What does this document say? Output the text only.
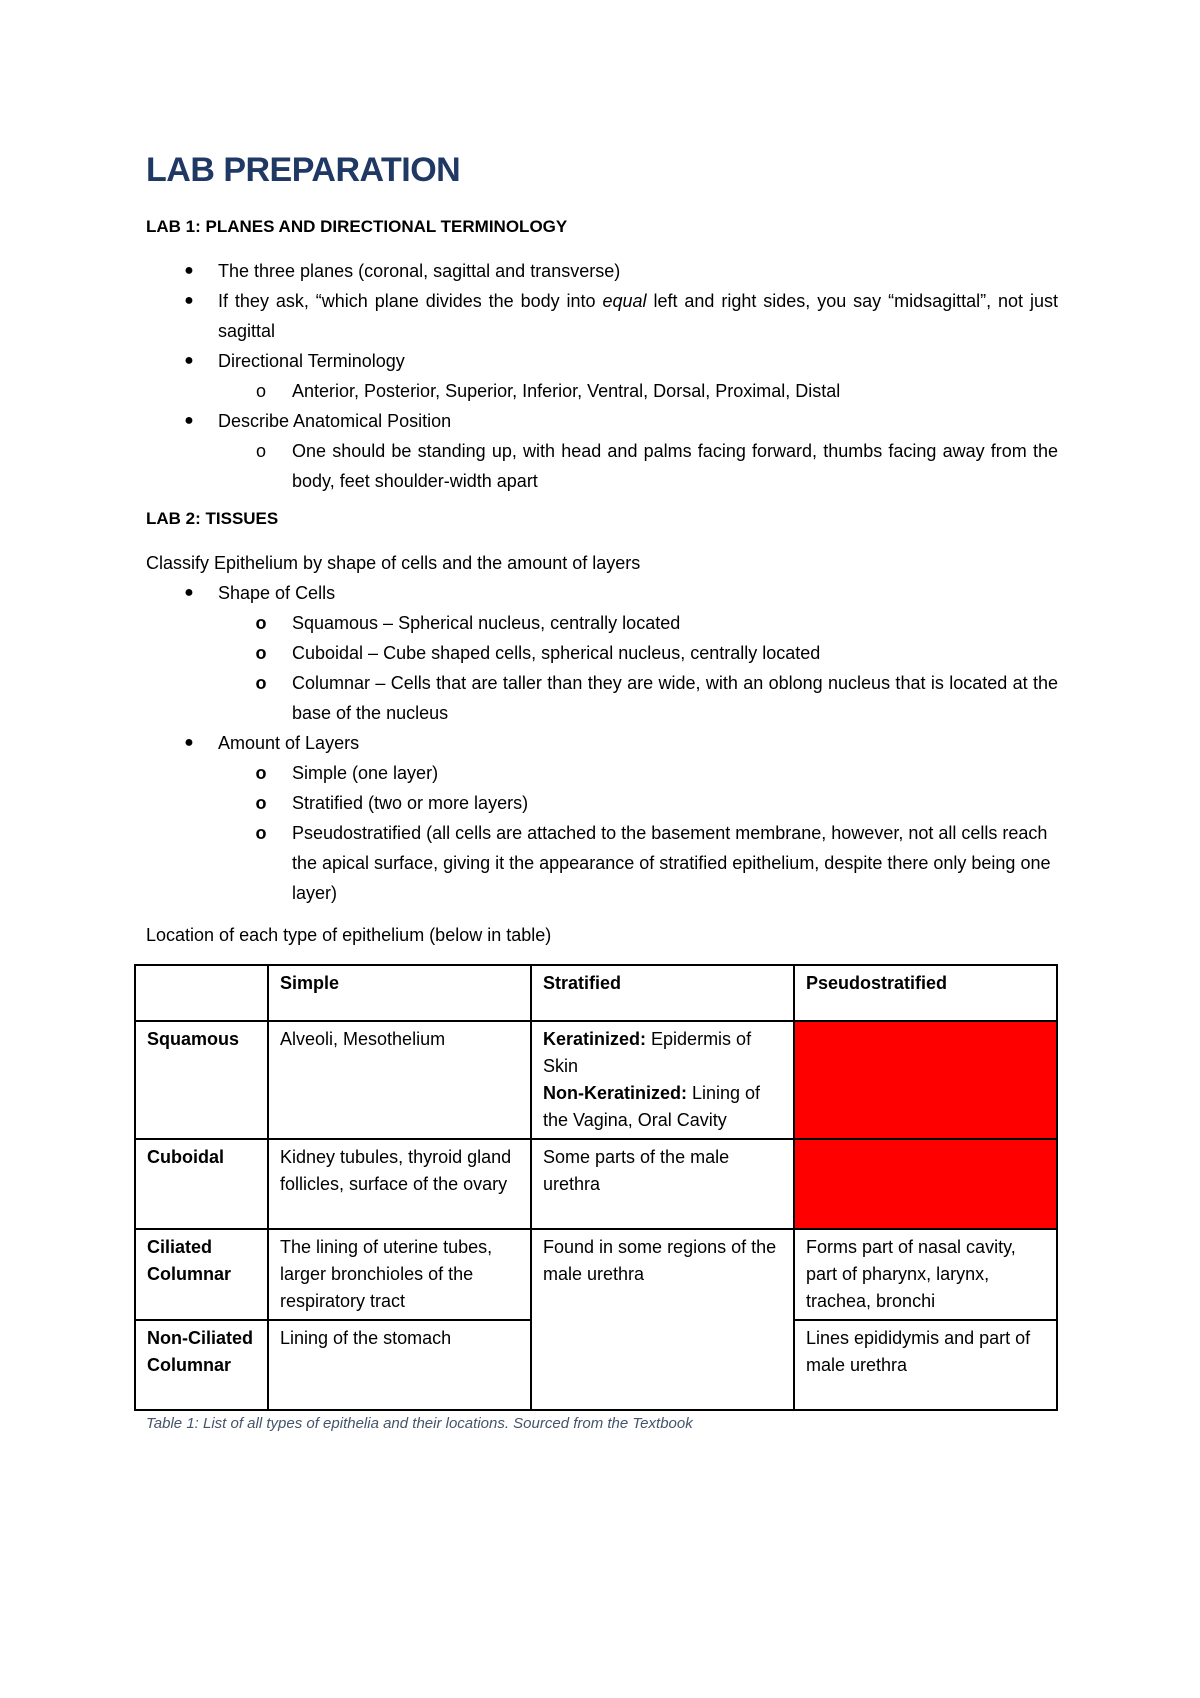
LAB PREPARATION
LAB 1: PLANES AND DIRECTIONAL TERMINOLOGY
● The three planes (coronal, sagittal and transverse)
● If they ask, “which plane divides the body into equal left and right sides, you say “midsagittal”, not just sagittal
● Directional Terminology
o Anterior, Posterior, Superior, Inferior, Ventral, Dorsal, Proximal, Distal
● Describe Anatomical Position
o One should be standing up, with head and palms facing forward, thumbs facing away from the body, feet shoulder-width apart
LAB 2: TISSUES

Classify Epithelium by shape of cells and the amount of layers

● Shape of Cells
o Squamous – Spherical nucleus, centrally located
o Cuboidal – Cube shaped cells, spherical nucleus, centrally located
o Columnar – Cells that are taller than they are wide, with an oblong nucleus that is located at the base of the nucleus
● Amount of Layers
o Simple (one layer)
o Stratified (two or more layers)
o Pseudostratified (all cells are attached to the basement membrane, however, not all cells reach the apical surface, giving it the appearance of stratified epithelium, despite there only being one layer)

Location of each type of epithelium (below in table)

	Simple	Stratified	Pseudostratified
Squamous	Alveoli, Mesothelium	Keratinized: Epidermis of Skin
Non-Keratinized: Lining of the Vagina, Oral Cavity	
Cuboidal	Kidney tubules, thyroid gland follicles, surface of the ovary	Some parts of the male urethra	
Ciliated Columnar	The lining of uterine tubes, larger bronchioles of the respiratory tract	Found in some regions of the male urethra	Forms part of nasal cavity, part of pharynx, larynx, trachea, bronchi
Non-Ciliated Columnar	Lining of the stomach		Lines epididymis and part of male urethra
Table 1: List of all types of epithelia and their locations. Sourced from the Textbook
